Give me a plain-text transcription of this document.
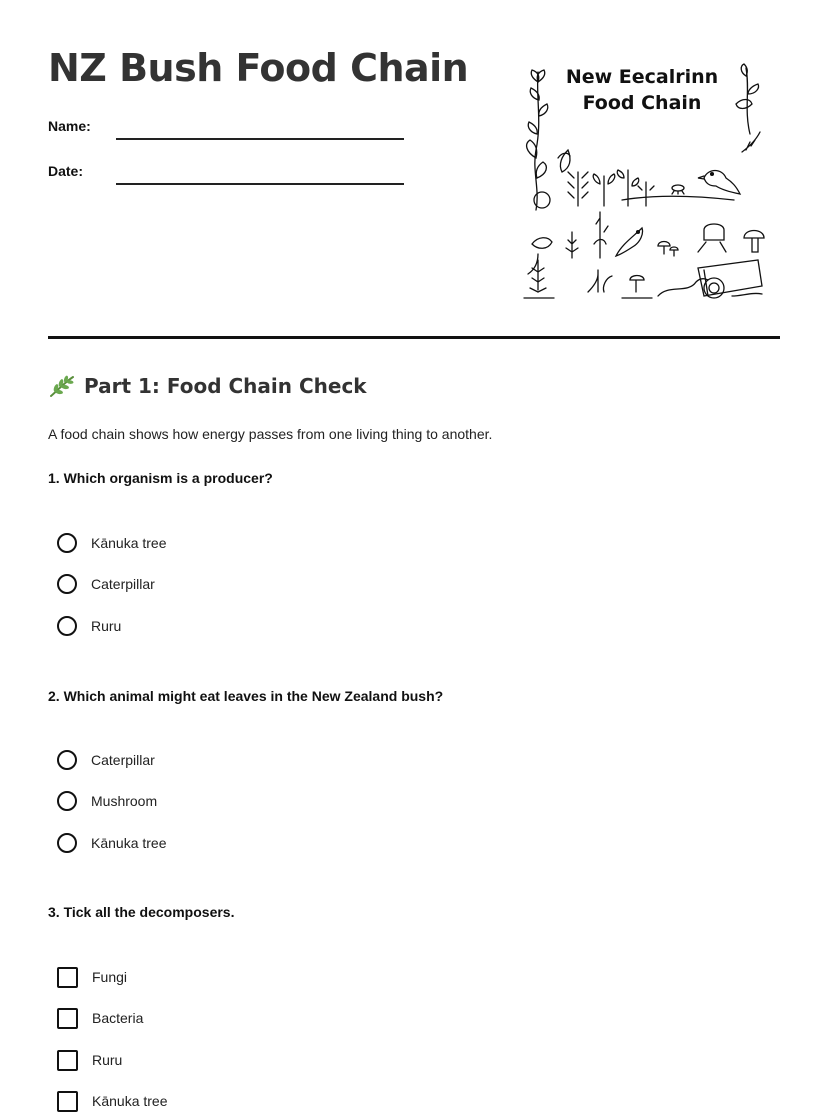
NZ Bush Food Chain
Name:
Date:
New Eecalrinn
Food Chain
Part 1: Food Chain Check
A food chain shows how energy passes from one living thing to another.
1. Which organism is a producer?
Kānuka tree
Caterpillar
Ruru
2. Which animal might eat leaves in the New Zealand bush?
Caterpillar
Mushroom
Kānuka tree
3. Tick all the decomposers.
Fungi
Bacteria
Ruru
Kānuka tree
